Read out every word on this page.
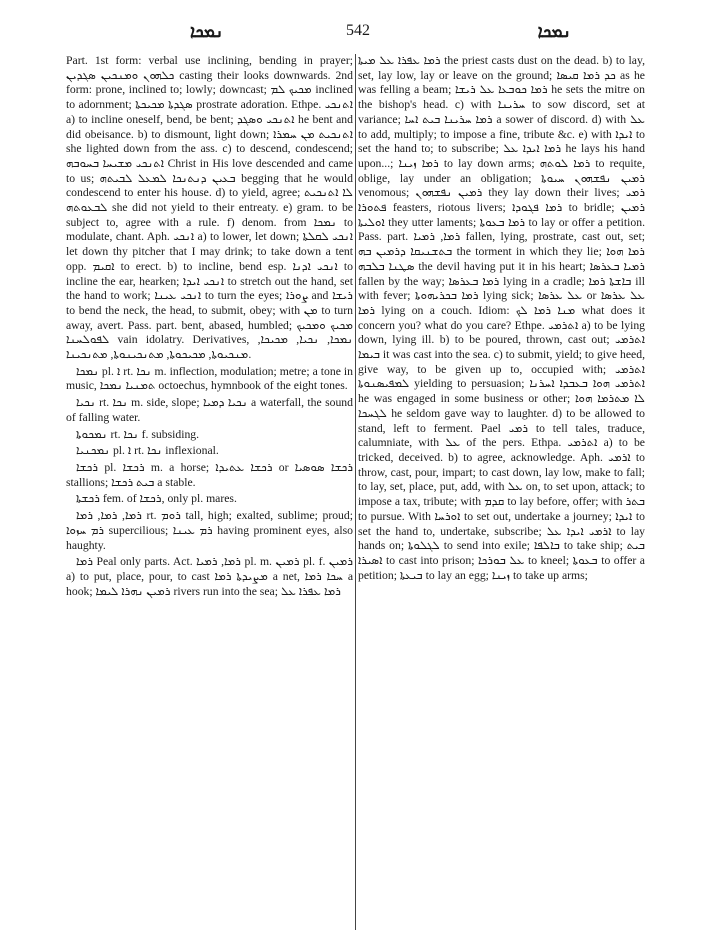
ܢܡܟܐ	542	ܢܡܟܐ

Part. 1st form: verbal use inclining, bending in prayer; ܟܠܗܘܢ ܘܡܢܟܝܢ ܣܓܕܝܢ casting their looks downwards. 2nd form: prone, inclined to; lowly; downcast; ܡܟܝܟ ܠܡ inclined to adornment; ܣܓܕܬܐ ܡܟܝܟܬܐ prostrate adoration. Ethpe. ܐܬܢܟܝ a) to incline oneself, bend, be bent; ܐܬܢܟܝ ܘܣܓܕ he bent and did obeisance. b) to dismount, light down; ܐܬܢܟܝܬ ܡܢ ܚܡܪܐ she lighted down from the ass. c) to descend, condescend; ܐܬܢܟܝ ܡܫܝܚܐ ܒܚܘܒܗ Christ in His love descended and came to us; ܒܥܝܢ ܕܢܬܢܟܐ ܠܡܥܠ ܠܒܝܬܗ begging that he would condescend to enter his house. d) to yield, agree; ܠܐ ܐܬܢܟܝܬ ܠܒܥܘܬܗ she did not yield to their entreaty. e) gram. to be subject to, agree with a rule. f) denom. from ܢܡܟܐ to modulate, chant. Aph. ܐܢܟܝ a) to lower, let down; ܐܢܟܝ ܠܩܠܬܐ let down thy pitcher that I may drink; to take down a tent opp. ܐܩܝܡ to erect. b) to incline, bend esp. ܐܢܟܝ ܐܕܢܐ to incline the ear, hearken; ܐܢܟܝ ܐܝܕܐ to stretch out the hand, set the hand to work; ܐܢܟܝ ܥܝܢܐ to turn the eyes; ܨܘܪܐ and ܪܝܫܐ to bend the neck, the head, to submit, obey; with ܡܢ to turn away, avert. Pass. part. bent, abased, humbled; ܡܟܝܟ ܘܡܟܝܟ ܠܦܘܠܚܢܐ vain idolatry. Derivatives, ܢܡܟܐ, ܢܟܝܐ, ܡܟܝܟܐ, ܡܢܟܝܘܬܐ, ܡܟܝܟܘܬܐ, ܡܬܢܟܝܢܘܬܐ, ܡܬܢܟܝܢܐ.

ܢܡܟܐ pl. ܐ rt. ܢܟܐ m. inflection, modulation; metre; a tone in music, ܬܡܢܝܐ ܢܡܟܐ octoechus, hymnbook of the eight tones.

ܢܟܝܐ rt. ܢܟܐ m. side, slope; ܢܟܝܐ ܕܡܝܐ a waterfall, the sound of falling water.

ܢܡܟܘܬܐ rt. ܢܟܐ f. subsiding.

ܢܡܟܢܝܐ pl. ܐ rt. ܢܟܐ inflexional.

ܪܟܫܐ pl. ܪܟܫܐ m. a horse; ܪܟܫܐ ܥܬܝܕܐ or ܪܟܫܐ ܣܘܣܝܐ stallions; ܒܝܬ ܪܟܫܐ a stable.

ܪܟܫܬܐ fem. of ܪܟܫܐ, only pl. mares.

ܪܡܐ, ܪܡܐ, ܪܡܐ rt. ܪܘܡ tall, high; exalted, sublime; proud; ܪܡ ܚܙܘܐ supercilious; ܪܡ ܥܝܢܐ having prominent eyes, also haughty.

ܪܡܐ Peal only parts. Act. ܪܡܐ, ܪܡܝܐ pl. m. ܪܡܝܢ pl. f. ܪܡܝܢ a) to put, place, pour, to cast ܡܨܝܕܬܐ ܪܡܐ a net, ܚܟܐ ܪܡܐ a hook; ܪܡܝܢ ܢܗܪܐ ܠܝܡܐ rivers run into the sea; ܪܡܐ ܥܦܪܐ ܥܠ

ܪܡܐ ܥܦܪܐ ܥܠ ܡܝܬܐ the priest casts dust on the dead. b) to lay, set, lay low, lay or leave on the ground; ܟܕ ܪܡܐ ܩܝܣܐ as he was felling a beam; ܪܡܐ ܟܘܒܥܐ ܥܠ ܪܝܫܐ he sets the mitre on the bishop's head. c) with ܚܪܝܢܐ to sow discord, set at variance; ܪܡܐ ܚܪܝܢܐ ܒܝܬ ܐܚܐ a sower of discord. d) with ܥܠ to add, multiply; to impose a fine, tribute &c. e) with ܐܝܕܐ to set the hand to; to subscribe; ܪܡܐ ܐܝܕܐ ܥܠ he lays his hand upon...; ܪܡܐ ܙܝܢܐ to lay down arms; ܪܡܐ ܠܘܬܗ to requite, oblige, lay under an obligation; ܪܡܝܢ ܢܦܫܗܘܢ ܚܝܘܬܐ venomous; ܪܡܝܢ ܢܦܫܗܘܢ they lay down their lives; ܪܡܝ ܦܬܘܪܐ feasters, riotous livers; ܪܡܐ ܦܓܘܕܐ to bridle; ܪܡܝܢ ܐܘܠܝܬܐ they utter laments; ܪܡܐ ܒܥܘܬܐ to lay or offer a petition. Pass. part. ܪܡܐ, ܪܡܝܐ fallen, lying, prostrate, cast out, set; ܒܬܫܢܝܩܐ ܕܪܡܝܢ ܒܗ the torment in which they lie; ܪܡܐ ܗܘܐ ܣܛܢܐ ܒܠܒܗ the devil having put it in his heart; ܪܡܝܐ ܒܥܪܣܐ fallen by the way; ܪܡܐ ܒܥܪܣܐ lying in a cradle; ܒܐܫܬܐ ܪܡܐ ill with fever; ܪܡܐ ܒܟܪܝܗܘܬܐ lying sick; ܥܠ ܥܪܣܐ or ܥܠ ܥܪܣܐ ܪܡܐ lying on a couch. Idiom: ܡܢܐ ܪܡܐ ܠܟ what does it concern you? what do you care? Ethpe. ܐܬܪܡܝ a) to be lying down, lying ill. b) to be poured, thrown, cast out; ܐܬܪܡܝ ܒܝܡܐ it was cast into the sea. c) to submit, yield; to give heed, give way, to be given up to, occupied with; ܐܬܪܡܝ ܠܡܦܝܣܢܘܬܐ yielding to persuasion; ܐܬܪܡܝ ܗܘܐ ܒܥܒܕܐ ܐܚܪܢܐ he was engaged in some business or other; ܠܐ ܡܬܪܡܐ ܗܘܐ ܠܓܚܟܐ he seldom gave way to laughter. d) to be allowed to stand, left to ferment. Pael ܪܡܝ to tell tales, traduce, calumniate, with ܥܠ of the pers. Ethpa. ܐܬܪܡܝ a) to be tricked, deceived. b) to agree, acknowledge. Aph. ܐܪܡܝ to throw, cast, pour, impart; to cast down, lay low, make to fall; to lay, set, place, put, add, with ܥܠ on, to set upon, attack; to impose a tax, tribute; with ܩܕܡ to lay before, offer; with ܒܬܪ to pursue. With ܐܘܪܚܐ to set out, undertake a journey; ܐܝܕܐ to set the hand to, undertake, subscribe; ܐܪܡܝ ܐܝܕܐ ܥܠ to lay hands on; ܠܓܠܘܬܐ to send into exile; ܒܐܠܦܐ to take ship; ܒܝܬ ܐܣܝܪܐ to cast into prison; ܥܠ ܒܘܪܟܐ to kneel; ܒܥܘܬܐ to offer a petition; ܒܝܥܬܐ to lay an egg; ܙܝܢܐ to take up arms;
